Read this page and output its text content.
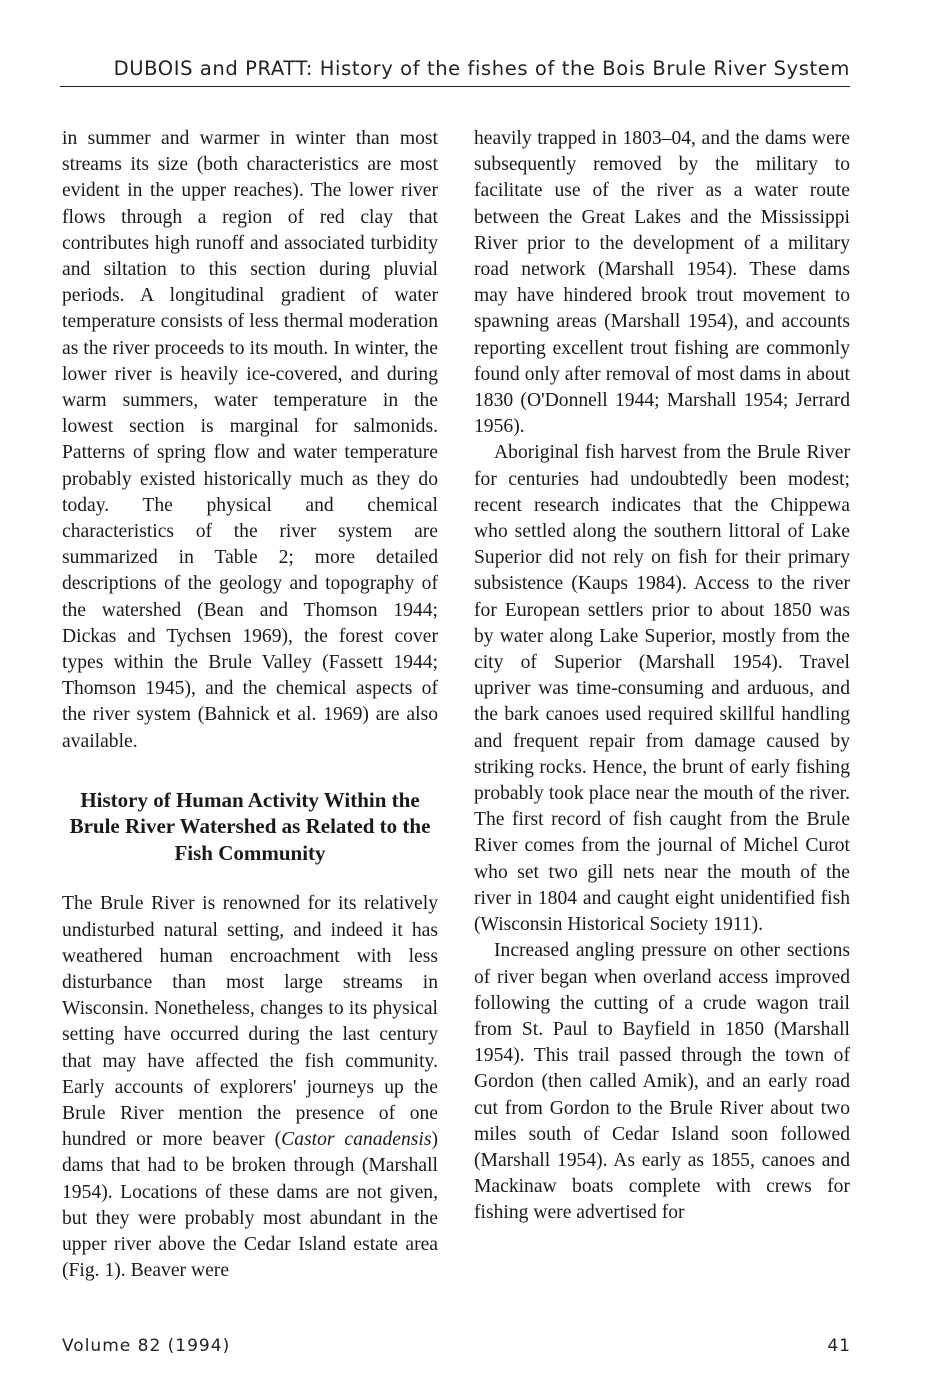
DUBOIS and PRATT: History of the fishes of the Bois Brule River System

in summer and warmer in winter than most streams its size (both characteristics are most evident in the upper reaches). The lower river flows through a region of red clay that contributes high runoff and associated turbidity and siltation to this section during pluvial periods. A longitudinal gradient of water temperature consists of less thermal moderation as the river proceeds to its mouth. In winter, the lower river is heavily ice-covered, and during warm summers, water temperature in the lowest section is marginal for salmonids. Patterns of spring flow and water temperature probably existed historically much as they do today. The physical and chemical characteristics of the river system are summarized in Table 2; more detailed descriptions of the geology and topography of the watershed (Bean and Thomson 1944; Dickas and Tychsen 1969), the forest cover types within the Brule Valley (Fassett 1944; Thomson 1945), and the chemical aspects of the river system (Bahnick et al. 1969) are also available.

History of Human Activity Within the Brule River Watershed as Related to the Fish Community

The Brule River is renowned for its relatively undisturbed natural setting, and indeed it has weathered human encroachment with less disturbance than most large streams in Wisconsin. Nonetheless, changes to its physical setting have occurred during the last century that may have affected the fish community. Early accounts of explorers' journeys up the Brule River mention the presence of one hundred or more beaver (Castor canadensis) dams that had to be broken through (Marshall 1954). Locations of these dams are not given, but they were probably most abundant in the upper river above the Cedar Island estate area (Fig. 1). Beaver were

heavily trapped in 1803–04, and the dams were subsequently removed by the military to facilitate use of the river as a water route between the Great Lakes and the Mississippi River prior to the development of a military road network (Marshall 1954). These dams may have hindered brook trout movement to spawning areas (Marshall 1954), and accounts reporting excellent trout fishing are commonly found only after removal of most dams in about 1830 (O'Donnell 1944; Marshall 1954; Jerrard 1956).

Aboriginal fish harvest from the Brule River for centuries had undoubtedly been modest; recent research indicates that the Chippewa who settled along the southern littoral of Lake Superior did not rely on fish for their primary subsistence (Kaups 1984). Access to the river for European settlers prior to about 1850 was by water along Lake Superior, mostly from the city of Superior (Marshall 1954). Travel upriver was time-consuming and arduous, and the bark canoes used required skillful handling and frequent repair from damage caused by striking rocks. Hence, the brunt of early fishing probably took place near the mouth of the river. The first record of fish caught from the Brule River comes from the journal of Michel Curot who set two gill nets near the mouth of the river in 1804 and caught eight unidentified fish (Wisconsin Historical Society 1911).

Increased angling pressure on other sections of river began when overland access improved following the cutting of a crude wagon trail from St. Paul to Bayfield in 1850 (Marshall 1954). This trail passed through the town of Gordon (then called Amik), and an early road cut from Gordon to the Brule River about two miles south of Cedar Island soon followed (Marshall 1954). As early as 1855, canoes and Mackinaw boats complete with crews for fishing were advertised for

Volume 82 (1994)	41
